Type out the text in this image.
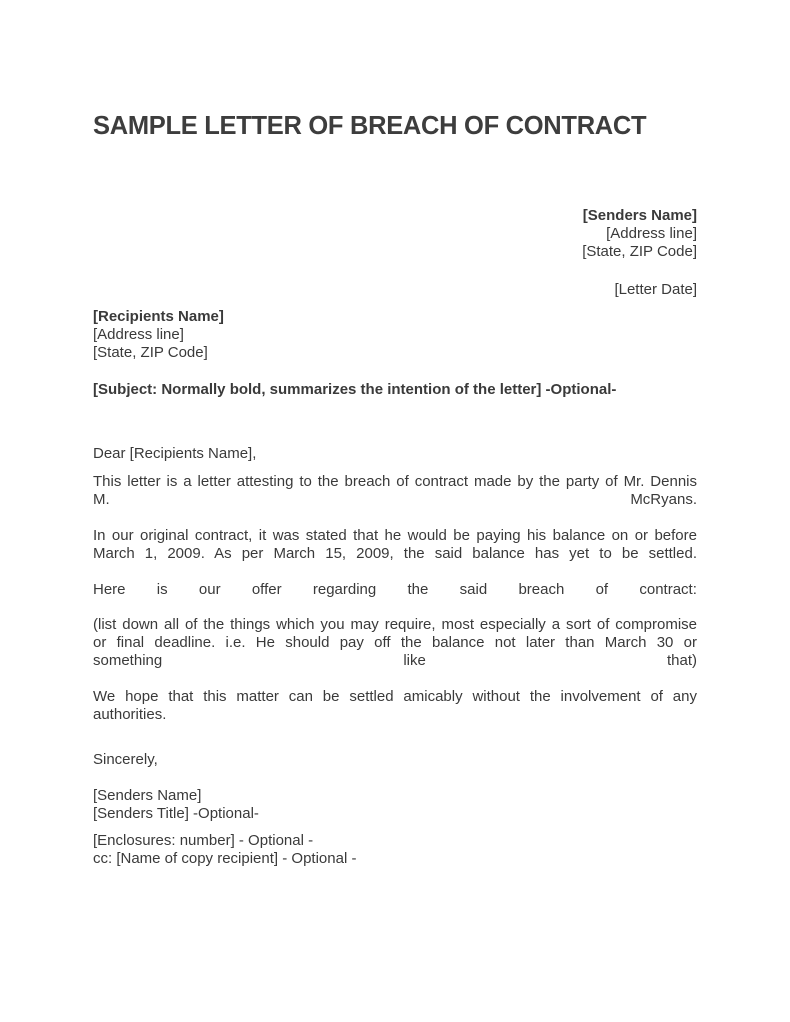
SAMPLE LETTER OF BREACH OF CONTRACT
[Senders Name]
[Address line]
[State, ZIP Code]
[Letter Date]
[Recipients Name]
[Address line]
[State, ZIP Code]
[Subject: Normally bold, summarizes the intention of the letter] -Optional-
Dear [Recipients Name],
This letter is a letter attesting to the breach of contract made by the party of Mr. Dennis
M.	McRyans.
In our original contract, it was stated that he would be paying his balance on or before
March 1, 2009. As per March 15, 2009, the said balance has yet to be settled.
Here is our offer regarding the said breach of contract:
(list down all of the things which you may require, most especially a sort of compromise
or final deadline. i.e. He should pay off the balance not later than March 30 or
something	like	that)
We hope that this matter can be settled amicably without the involvement of any
authorities.
Sincerely,
[Senders Name]
[Senders Title] -Optional-
[Enclosures: number] - Optional -
cc: [Name of copy recipient] - Optional -
